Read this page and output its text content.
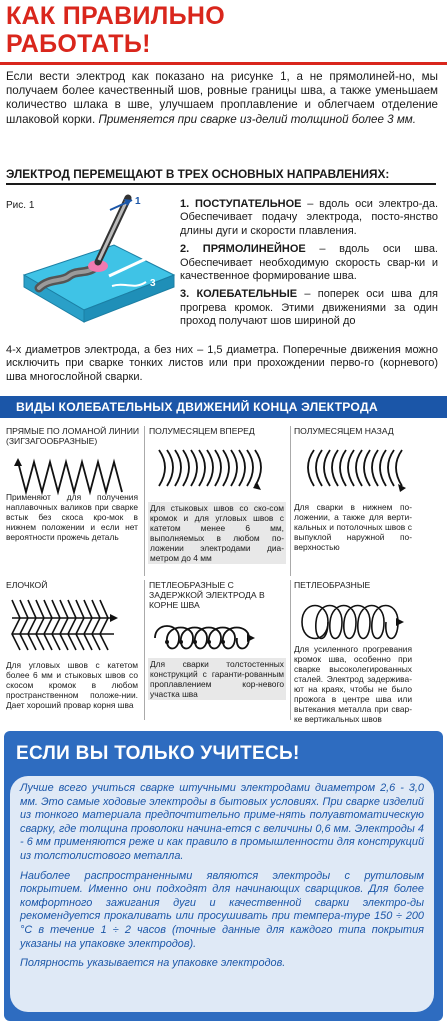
КАК ПРАВИЛЬНО
РАБОТАТЬ!
Если вести электрод как показано на рисунке 1, а не прямолиней-но, мы получаем более качественный шов, ровные границы шва, а также уменьшаем количество шлака в шве, улучшаем проплавление и облегчаем отделение шлаковой корки. Применяется при сварке из-делий толщиной более 3 мм.
ЭЛЕКТРОД ПЕРЕМЕЩАЮТ В ТРЕХ ОСНОВНЫХ НАПРАВЛЕНИЯХ:
Рис. 1	1
2
3

1. ПОСТУПАТЕЛЬНОЕ – вдоль оси электро-да. Обеспечивает подачу электрода, посто-янство длины дуги и скорости плавления.

2. ПРЯМОЛИНЕЙНОЕ – вдоль оси шва. Обеспечивает необходимую скорость свар-ки и качественное формирование шва.

3. КОЛЕБАТЕЛЬНЫЕ – поперек оси шва для прогрева кромок. Этими движениями за один проход получают шов шириной до

4-х диаметров электрода, а без них – 1,5 диаметра. Поперечные движения можно исключить при сварке тонких листов или при прохождении перво-го (корневого) шва многослойной сварки.
ВИДЫ КОЛЕБАТЕЛЬНЫХ ДВИЖЕНИЙ КОНЦА ЭЛЕКТРОДА
ПРЯМЫЕ ПО ЛОМАНОЙ ЛИНИИ (ЗИГЗАГООБРАЗНЫЕ)
Применяют для получения наплавочных валиков при сварке встык без скоса кро-мок в нижнем положении и если нет вероятности прожечь деталь
ПОЛУМЕСЯЦЕМ ВПЕРЕД
Для стыковых швов со ско-сом кромок и для угловых швов с катетом менее 6 мм, выполняемых в любом по-ложении электродами диа-метром до 4 мм
ПОЛУМЕСЯЦЕМ НАЗАД
Для сварки в нижнем по-ложении, а также для верти-кальных и потолочных швов с выпуклой наружной по-верхностью
ЕЛОЧКОЙ
Для угловых швов с катетом более 6 мм и стыковых швов со скосом кромок в любом пространственном положе-нии. Дает хороший провар корня шва
ПЕТЛЕОБРАЗНЫЕ С ЗАДЕРЖКОЙ ЭЛЕКТРОДА В КОРНЕ ШВА
Для сварки толстостенных конструкций с гаранти-рованным проплавлением кор-невого участка шва
ПЕТЛЕОБРАЗНЫЕ
Для усиленного прогревания кромок шва, особенно при сварке высоколегированных сталей. Электрод задержива-ют на краях, чтобы не было прожога в центре шва или вытекания металла при свар-ке вертикальных швов
ЕСЛИ ВЫ ТОЛЬКО УЧИТЕСЬ!

Лучше всего учиться сварке штучными электродами диаметром 2,6 - 3,0 мм. Это самые ходовые электроды в бытовых условиях. При сварке изделий из тонкого материала предпочтительно приме-нять полуавтоматическую сварку, где толщина проволоки начина-ется с величины 0,6 мм. Электроды 4 - 6 мм применяются реже и как правило в промышленности для конструкций из толстолистового металла.

Наиболее распространенными являются электроды с рутиловым покрытием. Именно они подходят для начинающих сварщиков. Для более комфортного зажигания дуги и качественной сварки электро-ды рекомендуется прокаливать или просушивать при темпера-туре 150 ÷ 200 °С в течение 1 ÷ 2 часов (точные данные для каждого типа покрытия указаны на упаковке электродов).

Полярность указывается на упаковке электродов.
